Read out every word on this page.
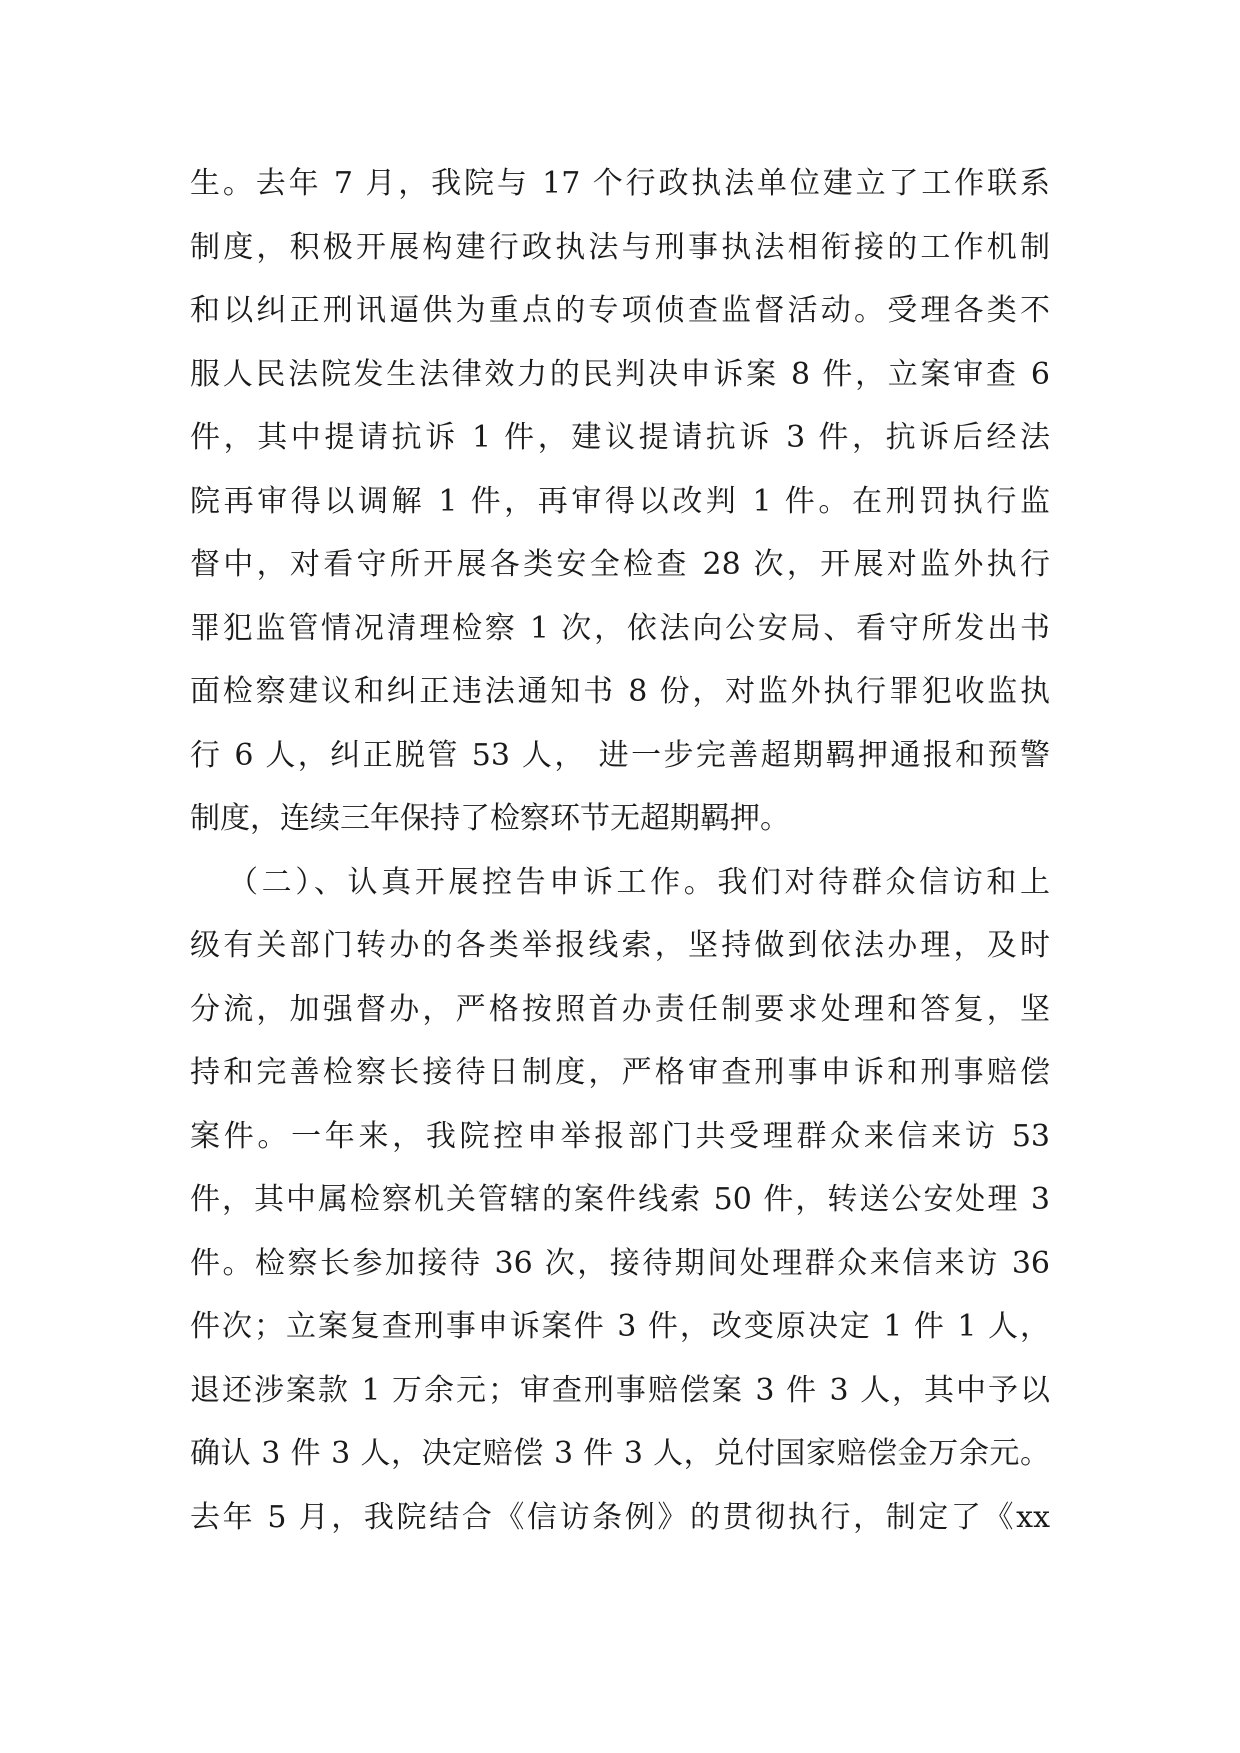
生。去年 7 月，我院与 17 个行政执法单位建立了工作联系
制度，积极开展构建行政执法与刑事执法相衔接的工作机制
和以纠正刑讯逼供为重点的专项侦查监督活动。受理各类不
服人民法院发生法律效力的民判决申诉案 8 件，立案审查 6
件，其中提请抗诉 1 件，建议提请抗诉 3 件，抗诉后经法
院再审得以调解 1 件，再审得以改判 1 件。在刑罚执行监
督中，对看守所开展各类安全检查 28 次，开展对监外执行
罪犯监管情况清理检察 1 次，依法向公安局、看守所发出书
面检察建议和纠正违法通知书 8 份，对监外执行罪犯收监执
行 6 人，纠正脱管 53 人， 进一步完善超期羁押通报和预警
制度，连续三年保持了检察环节无超期羁押。
（二）、认真开展控告申诉工作。我们对待群众信访和上
级有关部门转办的各类举报线索，坚持做到依法办理，及时
分流，加强督办，严格按照首办责任制要求处理和答复，坚
持和完善检察长接待日制度，严格审查刑事申诉和刑事赔偿
案件。一年来，我院控申举报部门共受理群众来信来访 53
件，其中属检察机关管辖的案件线索 50 件，转送公安处理 3
件。检察长参加接待 36 次，接待期间处理群众来信来访 36
件次；立案复查刑事申诉案件 3 件，改变原决定 1 件 1 人，
退还涉案款 1 万余元；审查刑事赔偿案 3 件 3 人，其中予以
确认 3 件 3 人，决定赔偿 3 件 3 人，兑付国家赔偿金万余元。
去年 5 月，我院结合《信访条例》的贯彻执行，制定了《xx
